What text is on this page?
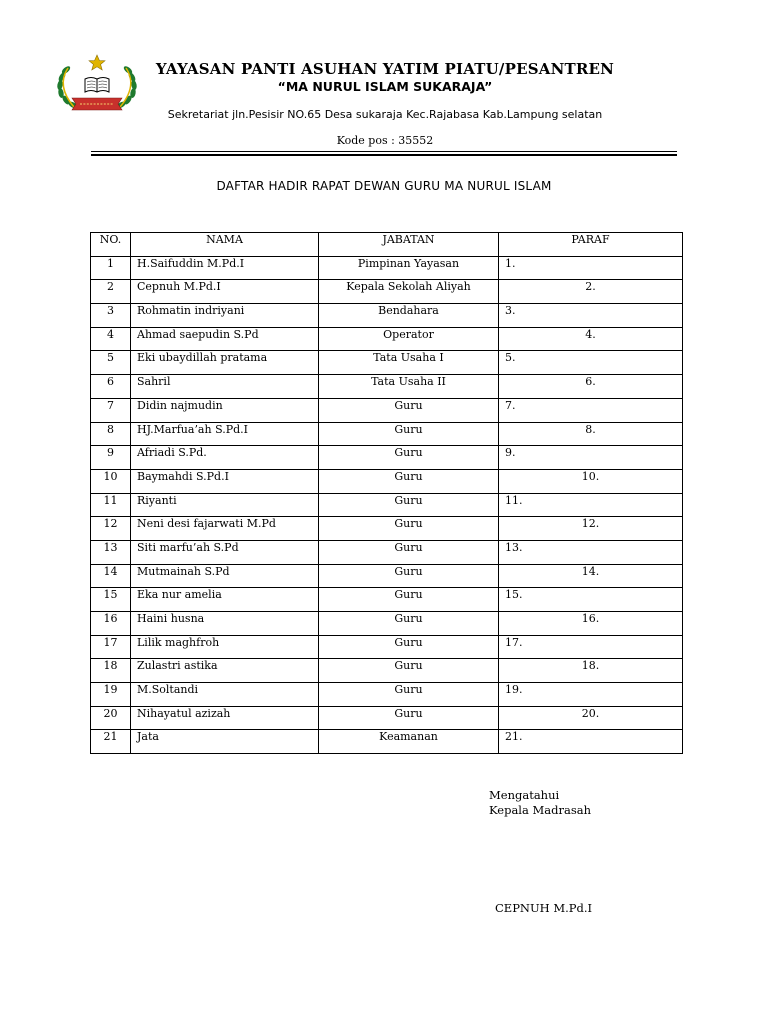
YAYASAN PANTI ASUHAN YATIM PIATU/PESANTREN
“MA NURUL ISLAM SUKARAJA”
Sekretariat jln.Pesisir NO.65 Desa sukaraja Kec.Rajabasa Kab.Lampung selatan
Kode pos : 35552
DAFTAR HADIR RAPAT DEWAN GURU MA NURUL ISLAM
NO.	NAMA	JABATAN	PARAF
1	H.Saifuddin M.Pd.I	Pimpinan Yayasan	1.
2	Cepnuh M.Pd.I	Kepala Sekolah Aliyah	2.
3	Rohmatin indriyani	Bendahara	3.
4	Ahmad saepudin S.Pd	Operator	4.
5	Eki ubaydillah pratama	Tata Usaha I	5.
6	Sahril	Tata Usaha II	6.
7	Didin najmudin	Guru	7.
8	HJ.Marfua’ah S.Pd.I	Guru	8.
9	Afriadi S.Pd.	Guru	9.
10	Baymahdi S.Pd.I	Guru	10.
11	Riyanti	Guru	11.
12	Neni desi fajarwati M.Pd	Guru	12.
13	Siti marfu’ah S.Pd	Guru	13.
14	Mutmainah S.Pd	Guru	14.
15	Eka nur amelia	Guru	15.
16	Haini husna	Guru	16.
17	Lilik maghfroh	Guru	17.
18	Zulastri astika	Guru	18.
19	M.Soltandi	Guru	19.
20	Nihayatul azizah	Guru	20.
21	Jata	Keamanan	21.
Mengatahui
Kepala Madrasah
CEPNUH M.Pd.I
